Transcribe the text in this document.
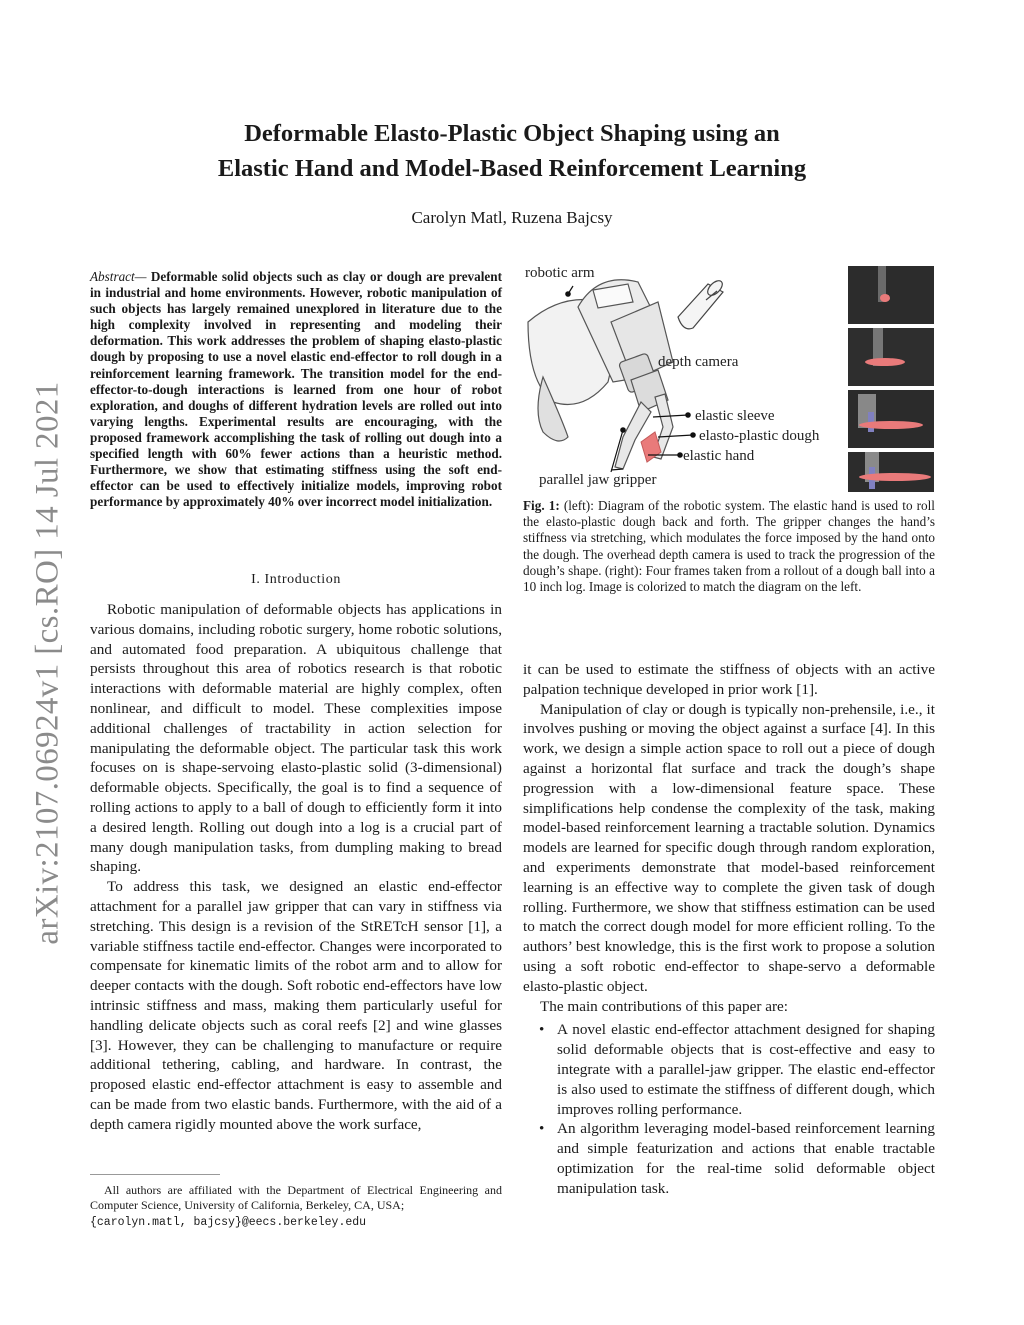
Deformable Elasto-Plastic Object Shaping using an
Elastic Hand and Model-Based Reinforcement Learning
Carolyn Matl, Ruzena Bajcsy
arXiv:2107.06924v1 [cs.RO] 14 Jul 2021
Abstract— Deformable solid objects such as clay or dough are prevalent in industrial and home environments. However, robotic manipulation of such objects has largely remained unexplored in literature due to the high complexity involved in representing and modeling their deformation. This work addresses the problem of shaping elasto-plastic dough by proposing to use a novel elastic end-effector to roll dough in a reinforcement learning framework. The transition model for the end-effector-to-dough interactions is learned from one hour of robot exploration, and doughs of different hydration levels are rolled out into varying lengths. Experimental results are encouraging, with the proposed framework accomplishing the task of rolling out dough into a specified length with 60% fewer actions than a heuristic method. Furthermore, we show that estimating stiffness using the soft end-effector can be used to effectively initialize models, improving robot performance by approximately 40% over incorrect model initialization.
I. Introduction

Robotic manipulation of deformable objects has applications in various domains, including robotic surgery, home robotic solutions, and automated food preparation. A ubiquitous challenge that persists throughout this area of robotics research is that robotic interactions with deformable material are highly complex, often nonlinear, and difficult to model. These complexities impose additional challenges of tractability in action selection for manipulating the deformable object. The particular task this work focuses on is shape-servoing elasto-plastic solid (3-dimensional) deformable objects. Specifically, the goal is to find a sequence of rolling actions to apply to a ball of dough to efficiently form it into a desired length. Rolling out dough into a log is a crucial part of many dough manipulation tasks, from dumpling making to bread shaping.

To address this task, we designed an elastic end-effector attachment for a parallel jaw gripper that can vary in stiffness via stretching. This design is a revision of the StRETcH sensor [1], a variable stiffness tactile end-effector. Changes were incorporated to compensate for kinematic limits of the robot arm and to allow for deeper contacts with the dough. Soft robotic end-effectors have low intrinsic stiffness and mass, making them particularly useful for handling delicate objects such as coral reefs [2] and wine glasses [3]. However, they can be challenging to manufacture or require additional tethering, cabling, and hardware. In contrast, the proposed elastic end-effector attachment is easy to assemble and can be made from two elastic bands. Furthermore, with the aid of a depth camera rigidly mounted above the work surface,

All authors are affiliated with the Department of Electrical Engineering and Computer Science, University of California, Berkeley, CA, USA;
{carolyn.matl, bajcsy}@eecs.berkeley.edu
robotic arm
depth camera
elastic sleeve
elasto-plastic dough
elastic hand
parallel jaw gripper
Fig. 1: (left): Diagram of the robotic system. The elastic hand is used to roll the elasto-plastic dough back and forth. The gripper changes the hand’s stiffness via stretching, which modulates the force imposed by the hand onto the dough. The overhead depth camera is used to track the progression of the dough’s shape. (right): Four frames taken from a rollout of a dough ball into a 10 inch log. Image is colorized to match the diagram on the left.

it can be used to estimate the stiffness of objects with an active palpation technique developed in prior work [1].

Manipulation of clay or dough is typically non-prehensile, i.e., it involves pushing or moving the object against a surface [4]. In this work, we design a simple action space to roll out a piece of dough against a horizontal flat surface and track the dough’s shape progression with a low-dimensional feature space. These simplifications help condense the complexity of the task, making model-based reinforcement learning a tractable solution. Dynamics models are learned for specific dough through random exploration, and experiments demonstrate that model-based reinforcement learning is an effective way to complete the given task of dough rolling. Furthermore, we show that stiffness estimation can be used to match the correct dough model for more efficient rolling. To the authors’ best knowledge, this is the first work to propose a solution using a soft robotic end-effector to shape-servo a deformable elasto-plastic object.

The main contributions of this paper are:

• A novel elastic end-effector attachment designed for shaping solid deformable objects that is cost-effective and easy to integrate with a parallel-jaw gripper. The elastic end-effector is also used to estimate the stiffness of different dough, which improves rolling performance.
• An algorithm leveraging model-based reinforcement learning and simple featurization and actions that enable tractable optimization for the real-time solid deformable object manipulation task.
